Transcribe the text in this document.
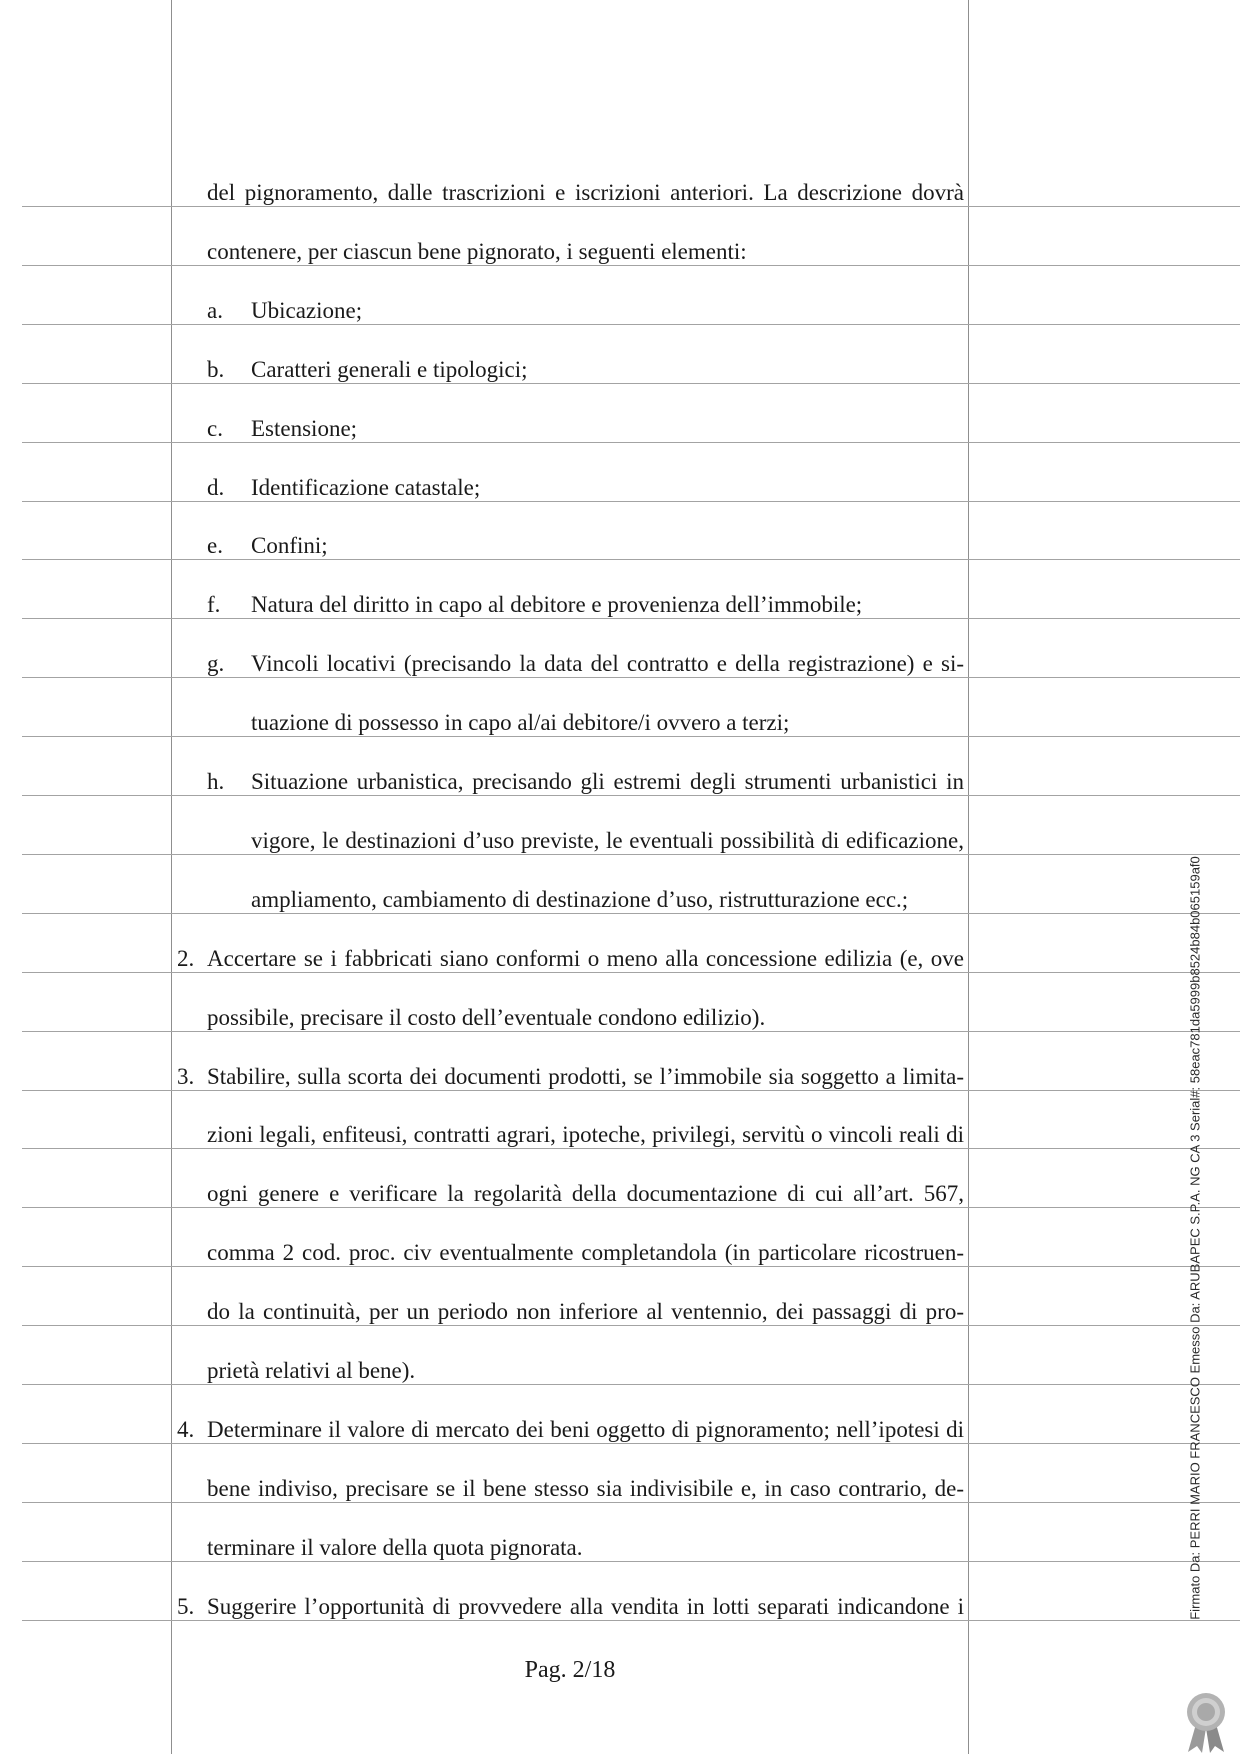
del pignoramento, dalle trascrizioni e iscrizioni anteriori. La descrizione dovrà
contenere, per ciascun bene pignorato, i seguenti elementi:
a. Ubicazione;
b. Caratteri generali e tipologici;
c. Estensione;
d. Identificazione catastale;
e. Confini;
f. Natura del diritto in capo al debitore e provenienza dell’immobile;
g. Vincoli locativi (precisando la data del contratto e della registrazione) e si-
tuazione di possesso in capo al/ai debitore/i ovvero a terzi;
h. Situazione urbanistica, precisando gli estremi degli strumenti urbanistici in
vigore, le destinazioni d’uso previste, le eventuali possibilità di edificazione,
ampliamento, cambiamento di destinazione d’uso, ristrutturazione ecc.;
2. Accertare se i fabbricati siano conformi o meno alla concessione edilizia (e, ove
possibile, precisare il costo dell’eventuale condono edilizio).
3. Stabilire, sulla scorta dei documenti prodotti, se l’immobile sia soggetto a limita-
zioni legali, enfiteusi, contratti agrari, ipoteche, privilegi, servitù o vincoli reali di
ogni genere e verificare la regolarità della documentazione di cui all’art. 567,
comma 2 cod. proc. civ eventualmente completandola (in particolare ricostruen-
do la continuità, per un periodo non inferiore al ventennio, dei passaggi di pro-
prietà relativi al bene).
4. Determinare il valore di mercato dei beni oggetto di pignoramento; nell’ipotesi di
bene indiviso, precisare se il bene stesso sia indivisibile e, in caso contrario, de-
terminare il valore della quota pignorata.
5. Suggerire l’opportunità di provvedere alla vendita in lotti separati indicandone i
Pag. 2/18
Firmato Da: PERRI MARIO FRANCESCO Emesso Da: ARUBAPEC S.P.A. NG CA 3 Serial#: 58eac781da5999b8524b84b065159af0
